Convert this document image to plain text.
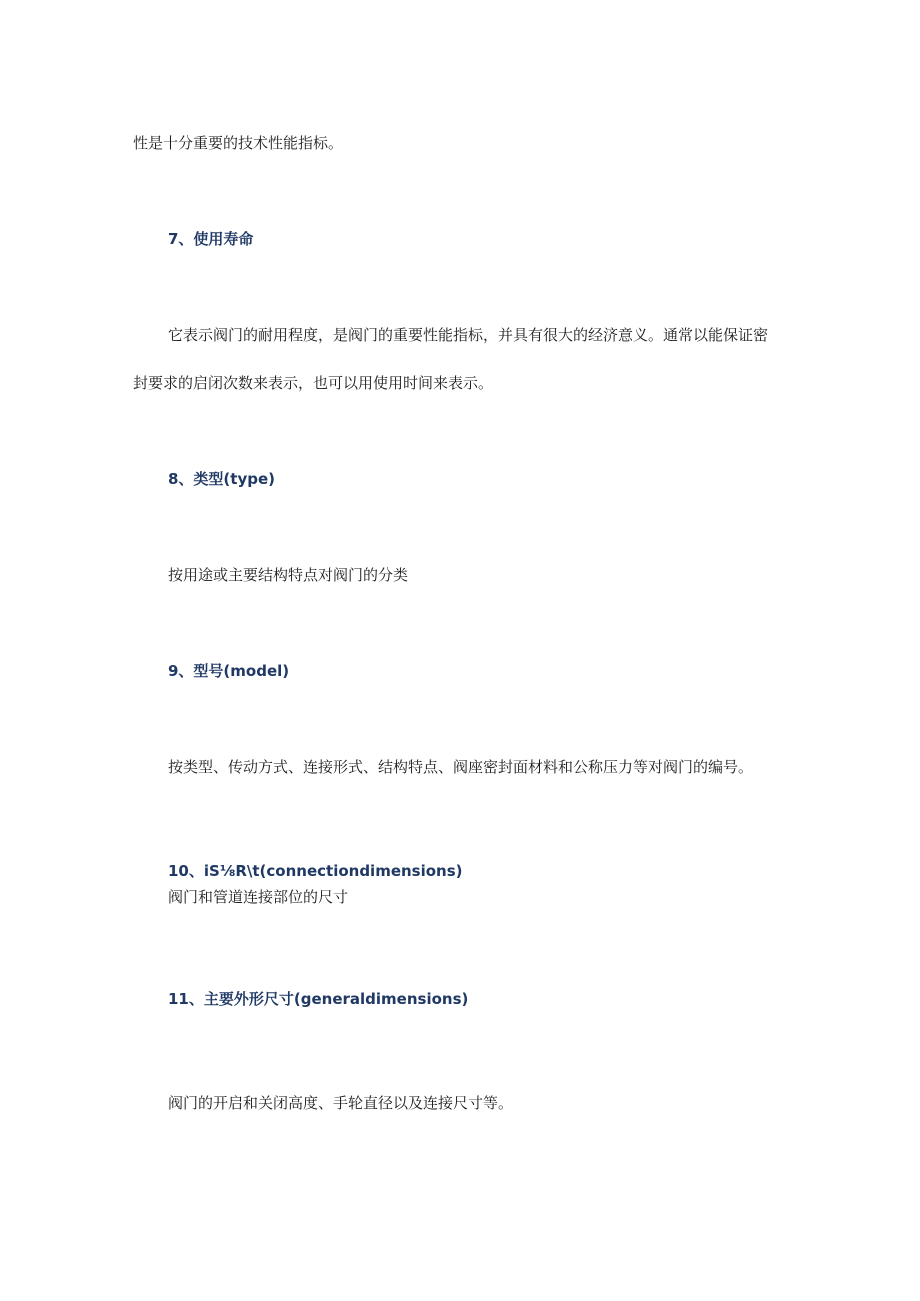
性是十分重要的技术性能指标。

7、使用寿命

它表示阀门的耐用程度，是阀门的重要性能指标，并具有很大的经济意义。通常以能保证密

封要求的启闭次数来表示，也可以用使用时间来表示。

8、类型(type)

按用途或主要结构特点对阀门的分类

9、型号(model)

按类型、传动方式、连接形式、结构特点、阀座密封面材料和公称压力等对阀门的编号。

10、iS⅛R\t(connectiondimensions)

阀门和管道连接部位的尺寸

11、主要外形尺寸(generaldimensions)

阀门的开启和关闭高度、手轮直径以及连接尺寸等。
